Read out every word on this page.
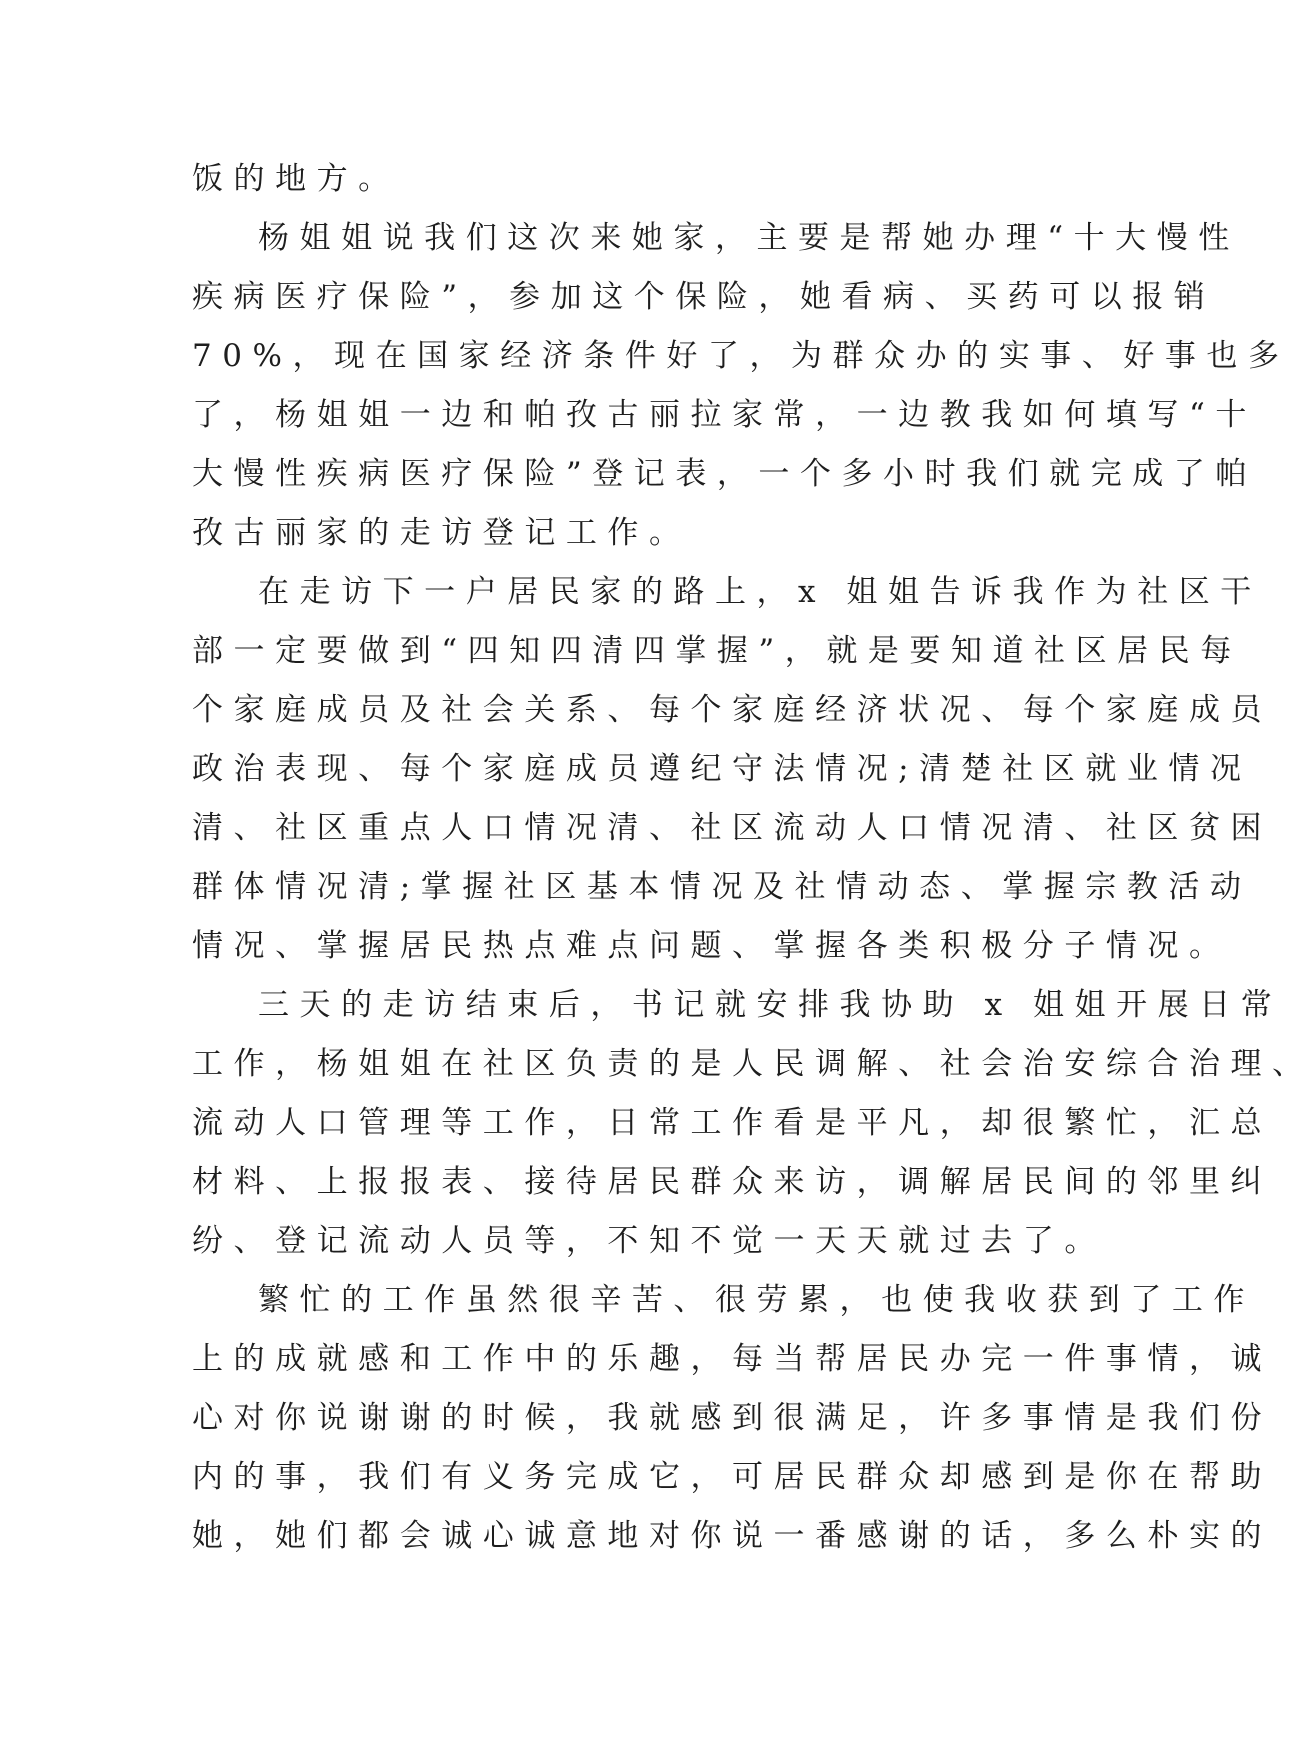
饭的地方。
杨姐姐说我们这次来她家，主要是帮她办理“十大慢性
疾病医疗保险”，参加这个保险，她看病、买药可以报销
70%，现在国家经济条件好了，为群众办的实事、好事也多
了，杨姐姐一边和帕孜古丽拉家常，一边教我如何填写“十
大慢性疾病医疗保险”登记表，一个多小时我们就完成了帕
孜古丽家的走访登记工作。
在走访下一户居民家的路上，x 姐姐告诉我作为社区干
部一定要做到“四知四清四掌握”，就是要知道社区居民每
个家庭成员及社会关系、每个家庭经济状况、每个家庭成员
政治表现、每个家庭成员遵纪守法情况;清楚社区就业情况
清、社区重点人口情况清、社区流动人口情况清、社区贫困
群体情况清;掌握社区基本情况及社情动态、掌握宗教活动
情况、掌握居民热点难点问题、掌握各类积极分子情况。
三天的走访结束后，书记就安排我协助 x 姐姐开展日常
工作，杨姐姐在社区负责的是人民调解、社会治安综合治理、
流动人口管理等工作，日常工作看是平凡，却很繁忙，汇总
材料、上报报表、接待居民群众来访，调解居民间的邻里纠
纷、登记流动人员等，不知不觉一天天就过去了。
繁忙的工作虽然很辛苦、很劳累，也使我收获到了工作
上的成就感和工作中的乐趣，每当帮居民办完一件事情，诚
心对你说谢谢的时候，我就感到很满足，许多事情是我们份
内的事，我们有义务完成它，可居民群众却感到是你在帮助
她，她们都会诚心诚意地对你说一番感谢的话，多么朴实的
